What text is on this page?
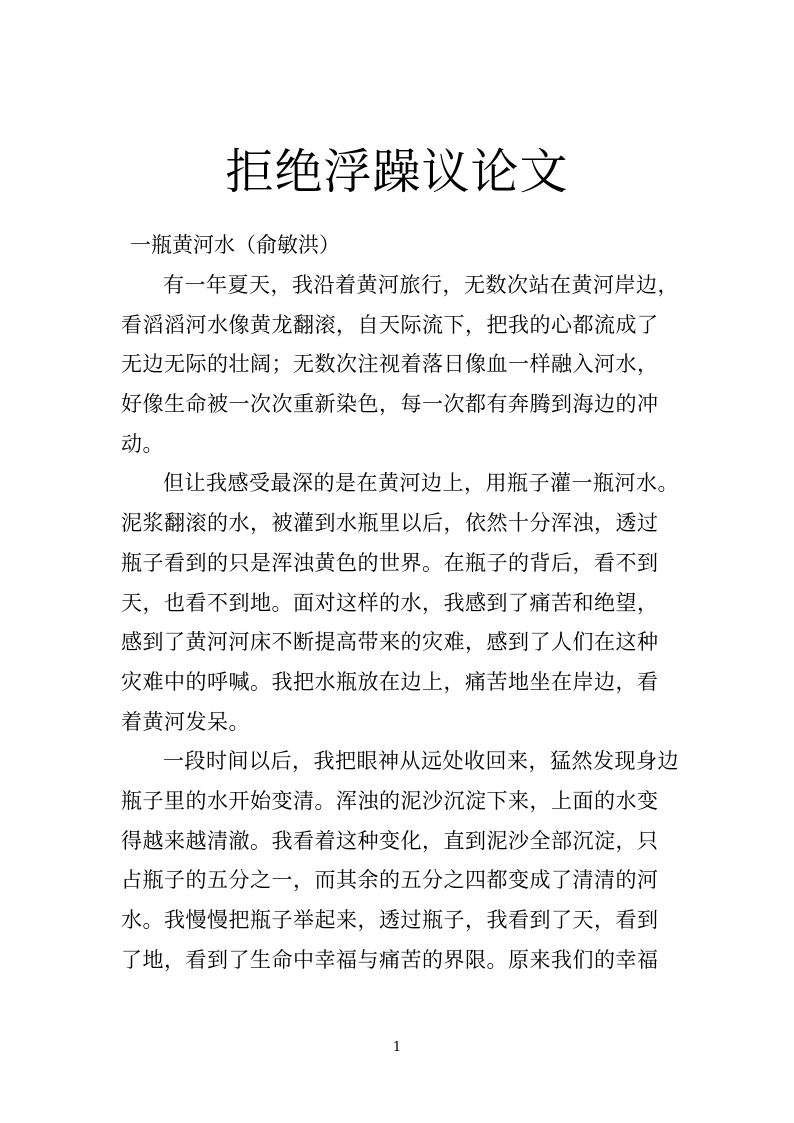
拒绝浮躁议论文
一瓶黄河水（俞敏洪）
有一年夏天，我沿着黄河旅行，无数次站在黄河岸边，
看滔滔河水像黄龙翻滚，自天际流下，把我的心都流成了
无边无际的壮阔；无数次注视着落日像血一样融入河水，
好像生命被一次次重新染色，每一次都有奔腾到海边的冲
动。
但让我感受最深的是在黄河边上，用瓶子灌一瓶河水。
泥浆翻滚的水，被灌到水瓶里以后，依然十分浑浊，透过
瓶子看到的只是浑浊黄色的世界。在瓶子的背后，看不到
天，也看不到地。面对这样的水，我感到了痛苦和绝望，
感到了黄河河床不断提高带来的灾难，感到了人们在这种
灾难中的呼喊。我把水瓶放在边上，痛苦地坐在岸边，看
着黄河发呆。
一段时间以后，我把眼神从远处收回来，猛然发现身边
瓶子里的水开始变清。浑浊的泥沙沉淀下来，上面的水变
得越来越清澈。我看着这种变化，直到泥沙全部沉淀，只
占瓶子的五分之一，而其余的五分之四都变成了清清的河
水。我慢慢把瓶子举起来，透过瓶子，我看到了天，看到
了地，看到了生命中幸福与痛苦的界限。原来我们的幸福
1
